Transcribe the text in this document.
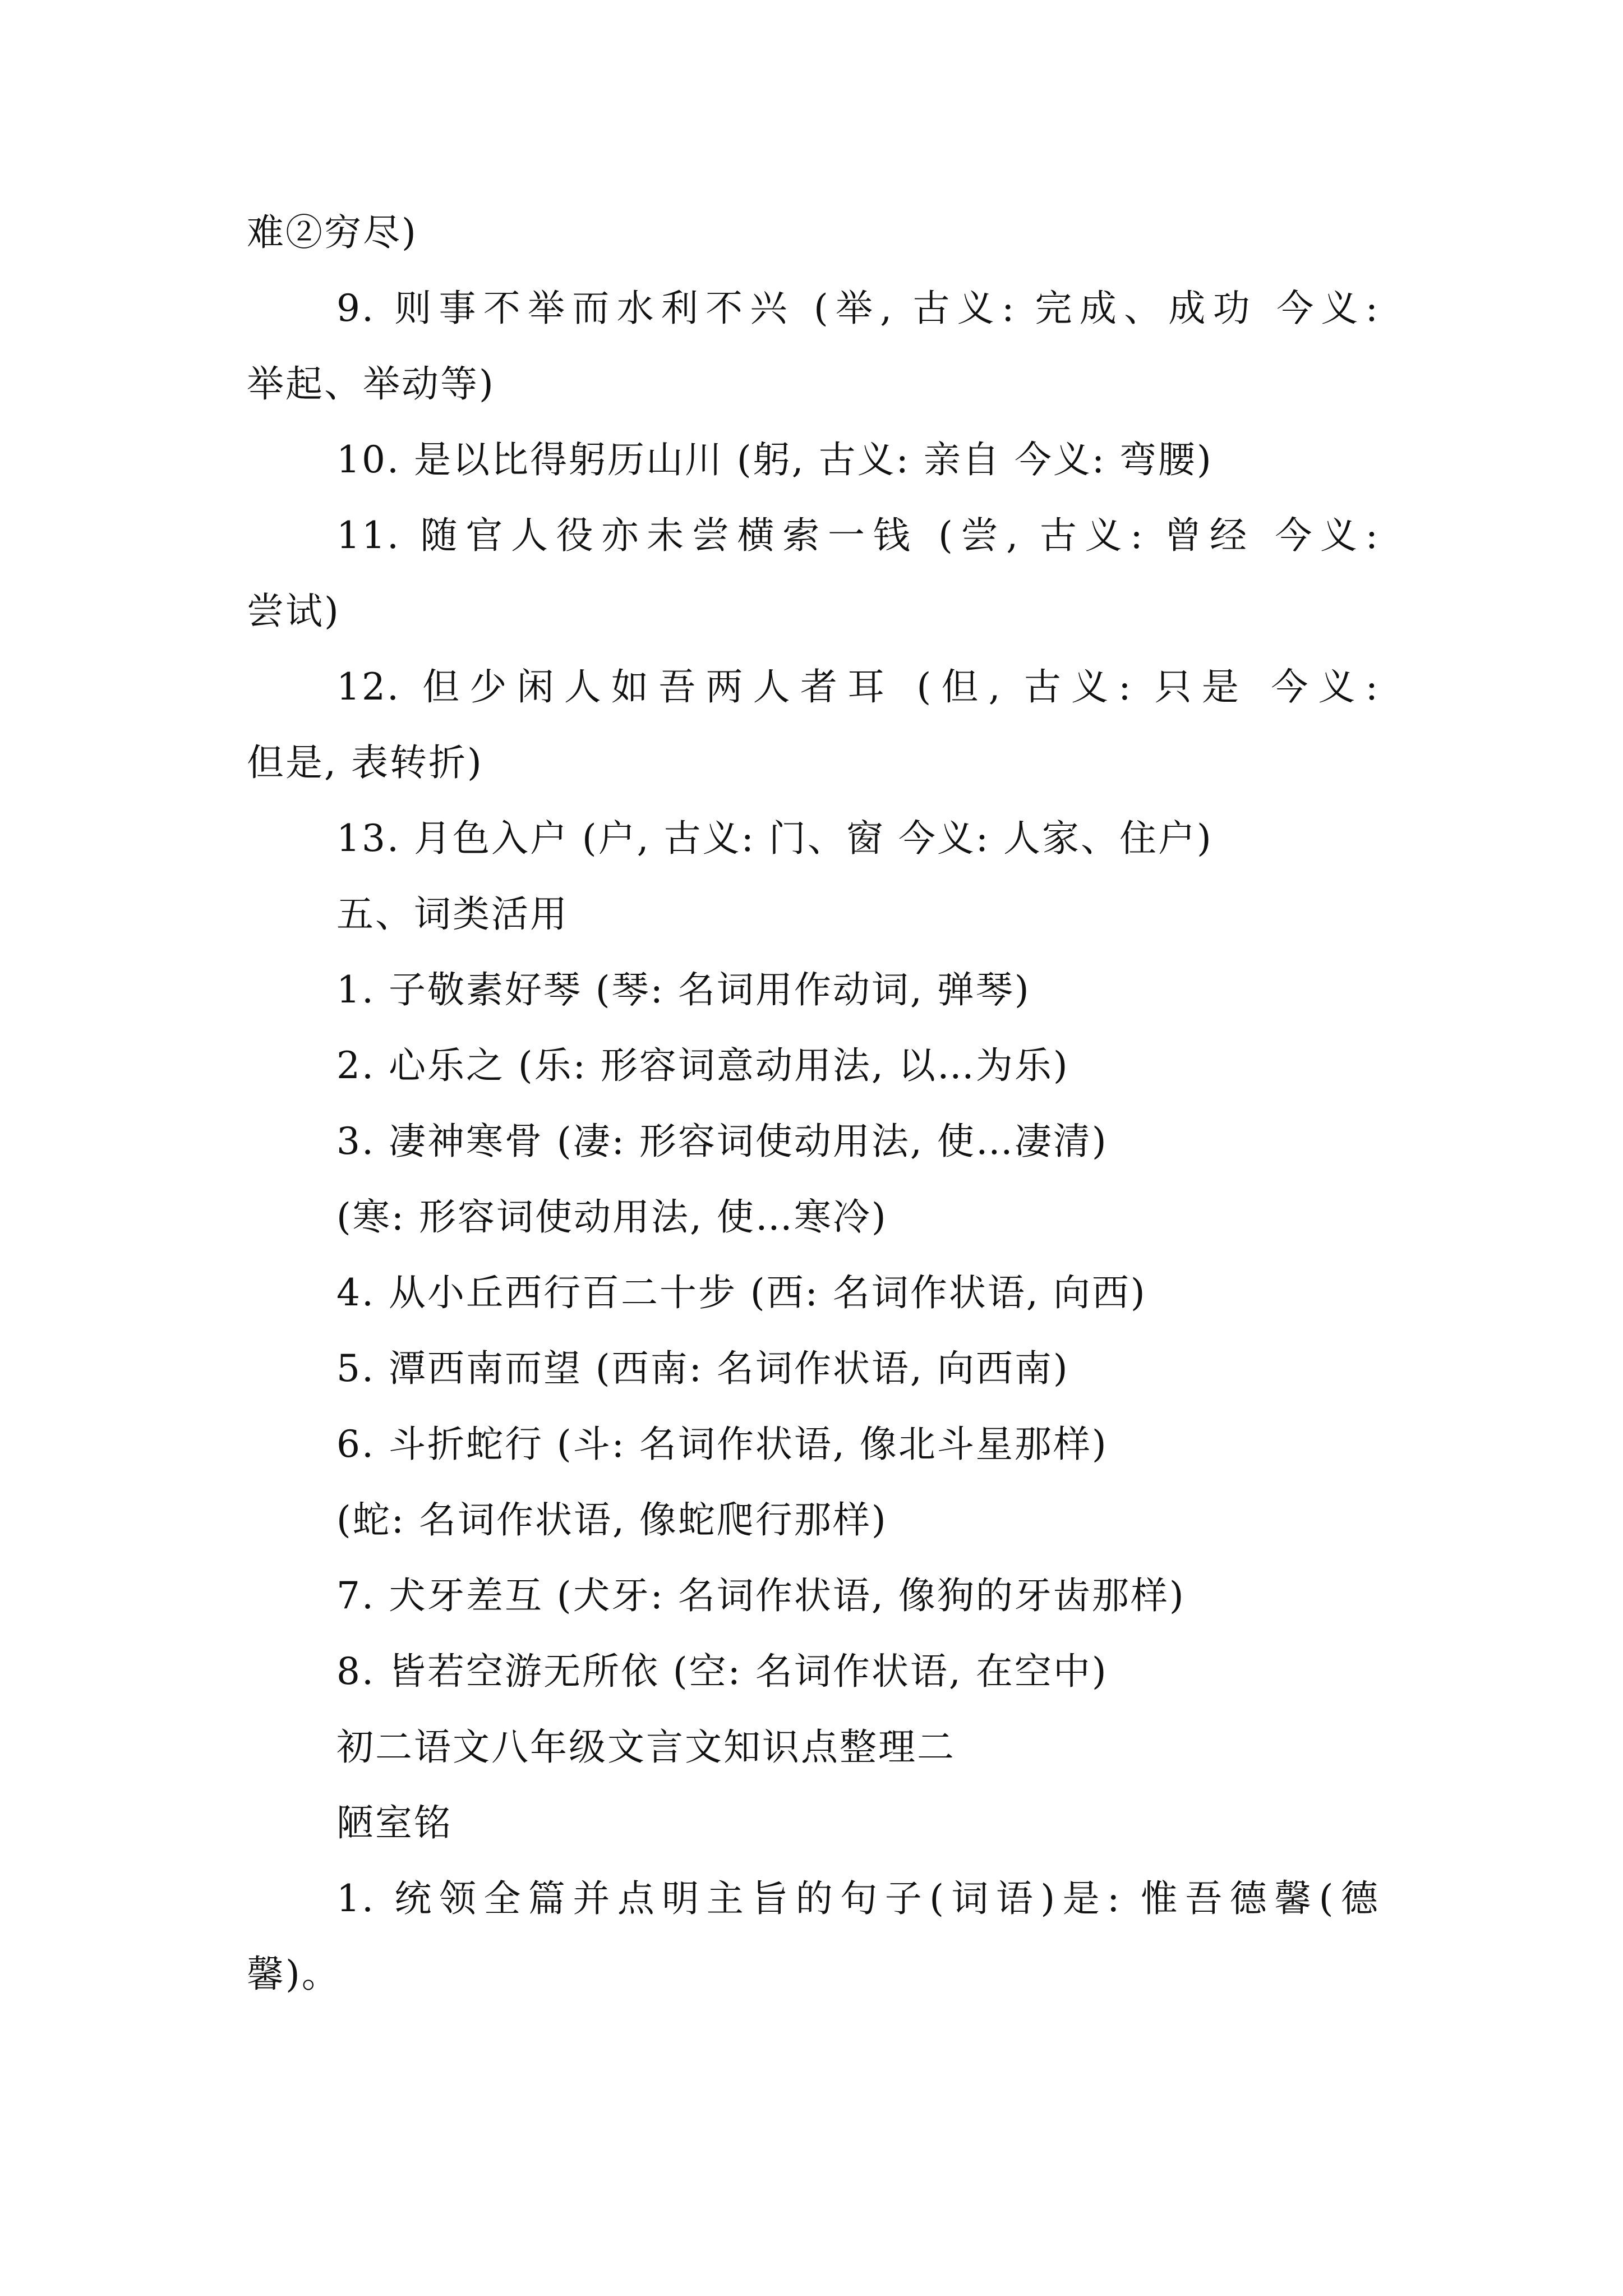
难②穷尽)
9. 则事不举而水利不兴 (举, 古义: 完成、成功 今义:
举起、举动等)
10. 是以比得躬历山川 (躬, 古义: 亲自 今义: 弯腰)
11. 随官人役亦未尝横索一钱 (尝, 古义: 曾经 今义:
尝试)
12. 但少闲人如吾两人者耳 (但, 古义: 只是 今义:
但是, 表转折)
13. 月色入户 (户, 古义: 门、窗 今义: 人家、住户)
五、词类活用
1. 子敬素好琴 (琴: 名词用作动词, 弹琴)
2. 心乐之 (乐: 形容词意动用法, 以…为乐)
3. 凄神寒骨 (凄: 形容词使动用法, 使…凄清)
(寒: 形容词使动用法, 使…寒冷)
4. 从小丘西行百二十步 (西: 名词作状语, 向西)
5. 潭西南而望 (西南: 名词作状语, 向西南)
6. 斗折蛇行 (斗: 名词作状语, 像北斗星那样)
(蛇: 名词作状语, 像蛇爬行那样)
7. 犬牙差互 (犬牙: 名词作状语, 像狗的牙齿那样)
8. 皆若空游无所依 (空: 名词作状语, 在空中)
初二语文八年级文言文知识点整理二
陋室铭
1. 统领全篇并点明主旨的句子(词语)是: 惟吾德馨(德
馨)。
